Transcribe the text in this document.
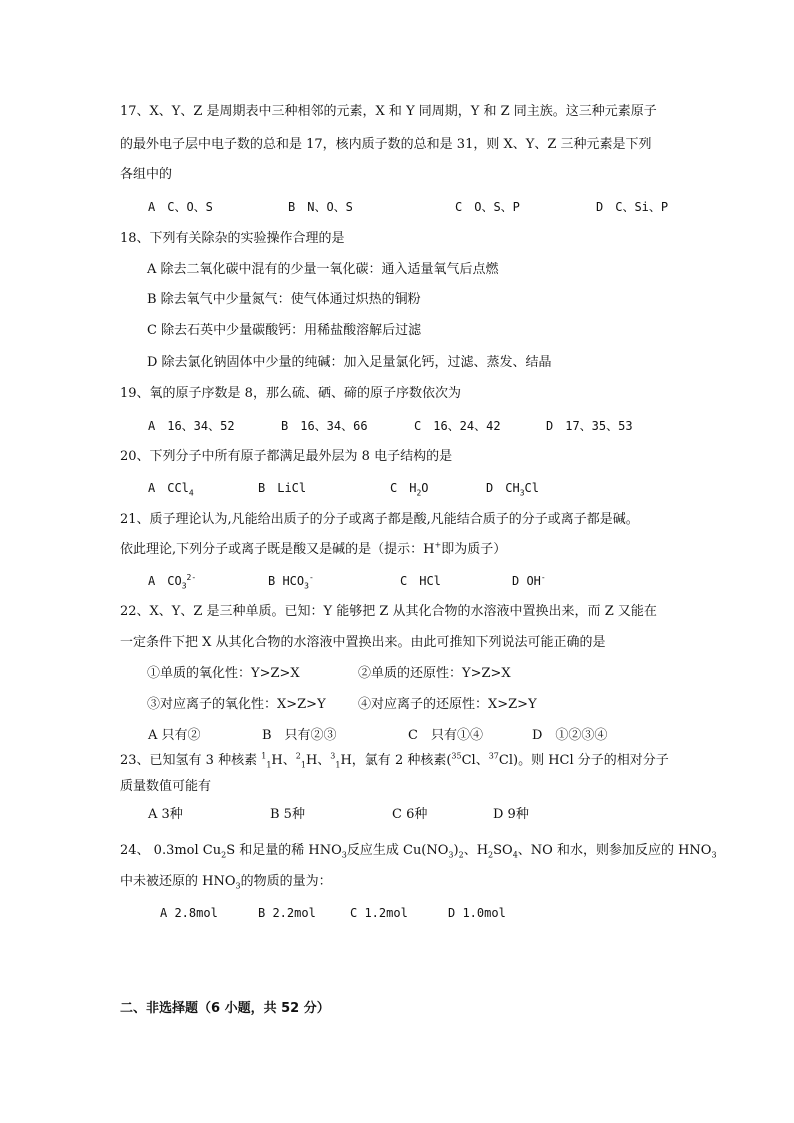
17、X、Y、Z 是周期表中三种相邻的元素，X 和 Y 同周期，Y 和 Z 同主族。这三种元素原子
的最外电子层中电子数的总和是 17，核内质子数的总和是 31，则 X、Y、Z 三种元素是下列
各组中的
A　C、O、S	B　N、O、S	C　O、S、P	D　C、Si、P
18、下列有关除杂的实验操作合理的是
A 除去二氧化碳中混有的少量一氧化碳：通入适量氧气后点燃
B 除去氧气中少量氮气：使气体通过炽热的铜粉
C 除去石英中少量碳酸钙：用稀盐酸溶解后过滤
D 除去氯化钠固体中少量的纯碱：加入足量氯化钙，过滤、蒸发、结晶
19、氧的原子序数是 8，那么硫、硒、碲的原子序数依次为
A　16、34、52	B　16、34、66	C　16、24、42	D　17、35、53
20、下列分子中所有原子都满足最外层为 8 电子结构的是
A　CCl$_4$	B　LiCl	C　$H_2O$	D　$CH_3Cl$
21、质子理论认为,凡能给出质子的分子或离子都是酸,凡能结合质子的分子或离子都是碱。
依此理论,下列分子或离子既是酸又是碱的是（提示：H+即为质子）
A　$CO_3^{2-}$	B $HCO_3^-$	C　HCl	D OH-
22、X、Y、Z 是三种单质。已知：Y 能够把 Z 从其化合物的水溶液中置换出来，而 Z 又能在
一定条件下把 X 从其化合物的水溶液中置换出来。由此可推知下列说法可能正确的是
①单质的氧化性：Y>Z>X	②单质的还原性：Y>Z>X
③对应离子的氧化性：X>Z>Y ④对应离子的还原性：X>Z>Y
A 只有②	B　只有②③	C　只有①④	D　①②③④
23、已知氢有 3 种核素 $^1_1$H、$^2_1$H、$^3_1$H，氯有 2 种核素($^{35}$Cl、$^{37}$Cl)。则 HCl 分子的相对分子
质量数值可能有
A 3种	B 5种	C 6种	D 9种
24、 0.3mol $Cu_2S$ 和足量的稀 $HNO_3$反应生成 $Cu(NO_3)_2$、$H_2SO_4$、NO 和水，则参加反应的 $HNO_3$
中未被还原的 $HNO_3$的物质的量为：
A 2.8mol	B 2.2mol	C 1.2mol	D 1.0mol
二、非选择题（6 小题，共 52 分）
